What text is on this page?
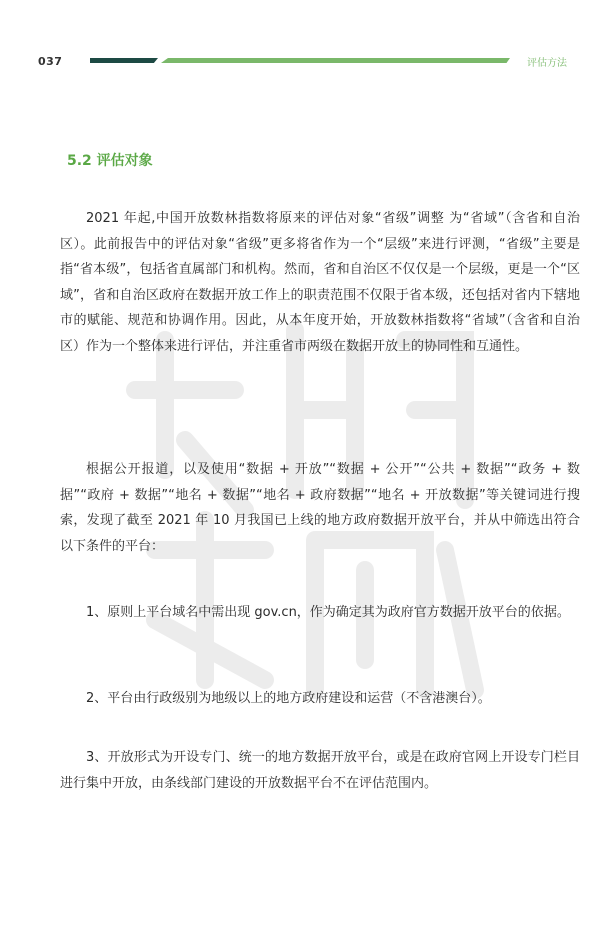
037	评估方法
5.2 评估对象

2021 年起,中国开放数林指数将原来的评估对象“省级”调整 为“省域”（含省和自治区）。此前报告中的评估对象“省级”更多将省作为一个“层级”来进行评测，“省级”主要是指“省本级”，包括省直属部门和机构。然而，省和自治区不仅仅是一个层级，更是一个“区域”，省和自治区政府在数据开放工作上的职责范围不仅限于省本级，还包括对省内下辖地市的赋能、规范和协调作用。因此，从本年度开始，开放数林指数将“省域”（含省和自治区）作为一个整体来进行评估，并注重省市两级在数据开放上的协同性和互通性。

根据公开报道，以及使用“数据 + 开放”“数据 + 公开”“公共 + 数据”“政务 + 数据”“政府 + 数据”“地名 + 数据”“地名 + 政府数据”“地名 + 开放数据”等关键词进行搜索，发现了截至 2021 年 10 月我国已上线的地方政府数据开放平台，并从中筛选出符合以下条件的平台：

1、原则上平台域名中需出现 gov.cn，作为确定其为政府官方数据开放平台的依据。

2、平台由行政级别为地级以上的地方政府建设和运营（不含港澳台）。

3、开放形式为开设专门、统一的地方数据开放平台，或是在政府官网上开设专门栏目进行集中开放，由条线部门建设的开放数据平台不在评估范围内。
